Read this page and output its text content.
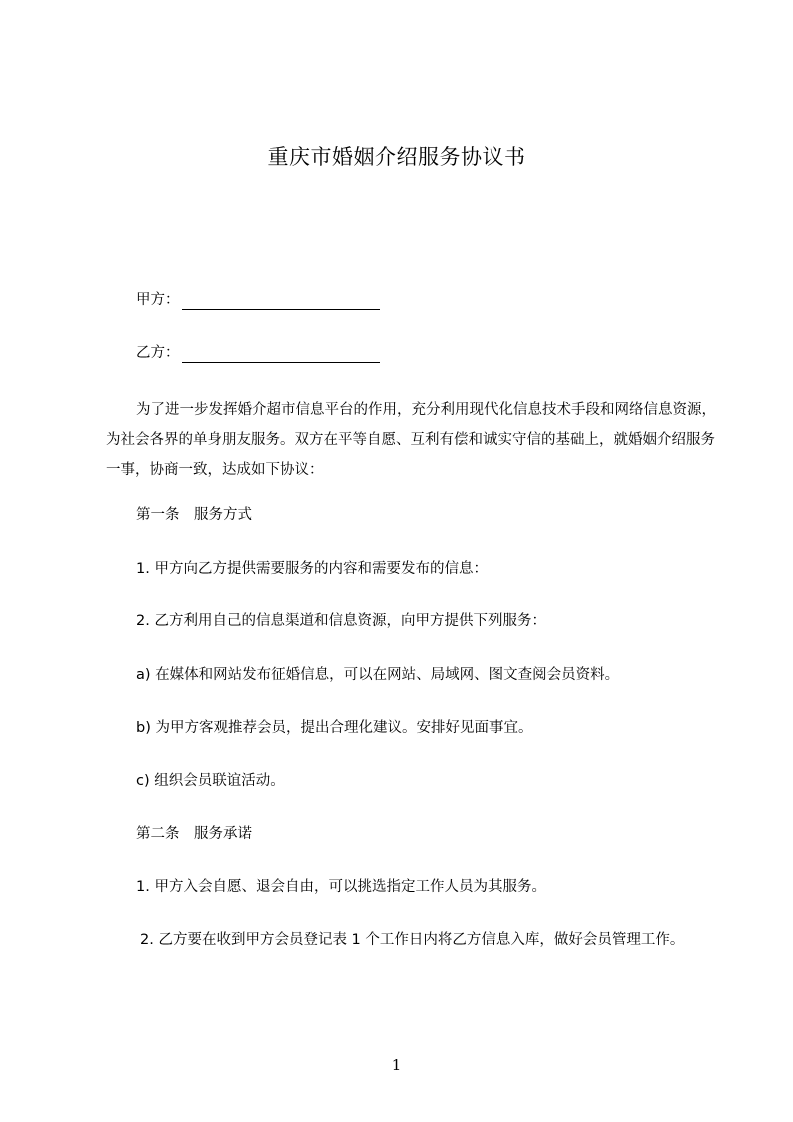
重庆市婚姻介绍服务协议书
甲方：
乙方：
为了进一步发挥婚介超市信息平台的作用，充分利用现代化信息技术手段和网络信息资源，为社会各界的单身朋友服务。双方在平等自愿、互利有偿和诚实守信的基础上，就婚姻介绍服务一事，协商一致，达成如下协议：
第一条　服务方式
1. 甲方向乙方提供需要服务的内容和需要发布的信息：
2. 乙方利用自己的信息渠道和信息资源，向甲方提供下列服务：
a) 在媒体和网站发布征婚信息，可以在网站、局域网、图文查阅会员资料。
b) 为甲方客观推荐会员，提出合理化建议。安排好见面事宜。
c) 组织会员联谊活动。
第二条　服务承诺
1. 甲方入会自愿、退会自由，可以挑选指定工作人员为其服务。
2. 乙方要在收到甲方会员登记表 1 个工作日内将乙方信息入库，做好会员管理工作。
1
